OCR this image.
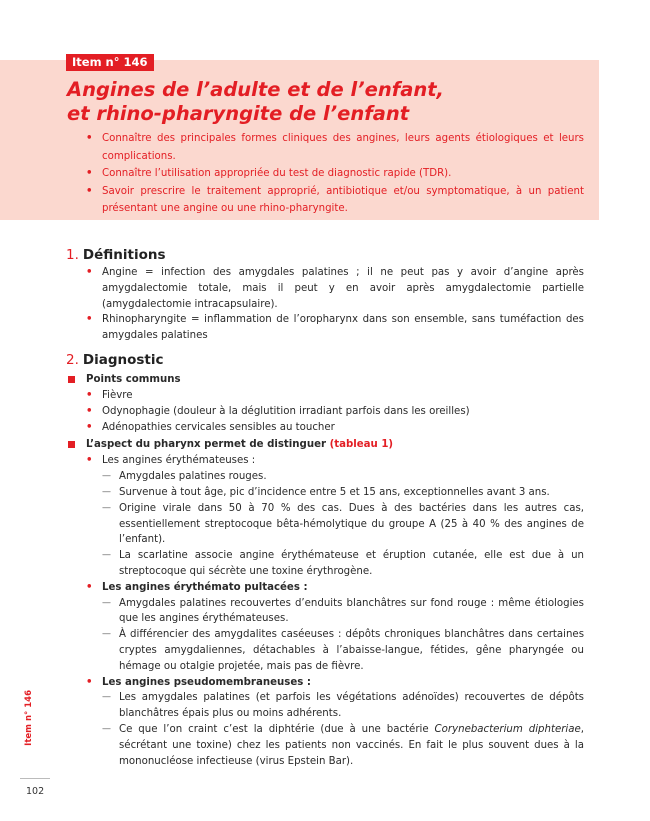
Item n° 146
Angines de l’adulte et de l’enfant,
et rhino-pharyngite de l’enfant
• Connaître des principales formes cliniques des angines, leurs agents étiologiques et leurs complications.
• Connaître l’utilisation appropriée du test de diagnostic rapide (TDR).
• Savoir prescrire le traitement approprié, antibiotique et/ou symptomatique, à un patient présentant une angine ou une rhino-pharyngite.
1. Définitions
• Angine = infection des amygdales palatines ; il ne peut pas y avoir d’angine après amygdalectomie totale, mais il peut y en avoir après amygdalectomie partielle (amygdalectomie intracapsulaire).
• Rhinopharyngite = inflammation de l’oropharynx dans son ensemble, sans tuméfaction des amygdales palatines
2. Diagnostic
Points communs
• Fièvre
• Odynophagie (douleur à la déglutition irradiant parfois dans les oreilles)
• Adénopathies cervicales sensibles au toucher
L’aspect du pharynx permet de distinguer (tableau 1)
• Les angines érythémateuses :
— Amygdales palatines rouges.
— Survenue à tout âge, pic d’incidence entre 5 et 15 ans, exceptionnelles avant 3 ans.
— Origine virale dans 50 à 70 % des cas. Dues à des bactéries dans les autres cas, essentiellement streptocoque bêta-hémolytique du groupe A (25 à 40 % des angines de l’enfant).
— La scarlatine associe angine érythémateuse et éruption cutanée, elle est due à un streptocoque qui sécrète une toxine érythrogène.
• Les angines érythémato pultacées :
— Amygdales palatines recouvertes d’enduits blanchâtres sur fond rouge : même étiologies que les angines érythémateuses.
— À différencier des amygdalites caséeuses : dépôts chroniques blanchâtres dans certaines cryptes amygdaliennes, détachables à l’abaisse-langue, fétides, gêne pharyngée ou hémage ou otalgie projetée, mais pas de fièvre.
• Les angines pseudomembraneuses :
— Les amygdales palatines (et parfois les végétations adénoïdes) recouvertes de dépôts blanchâtres épais plus ou moins adhérents.
— Ce que l’on craint c’est la diphtérie (due à une bactérie Corynebacterium diphteriae, sécrétant une toxine) chez les patients non vaccinés. En fait le plus souvent dues à la mononucléose infectieuse (virus Epstein Bar).
Item n° 146
102
